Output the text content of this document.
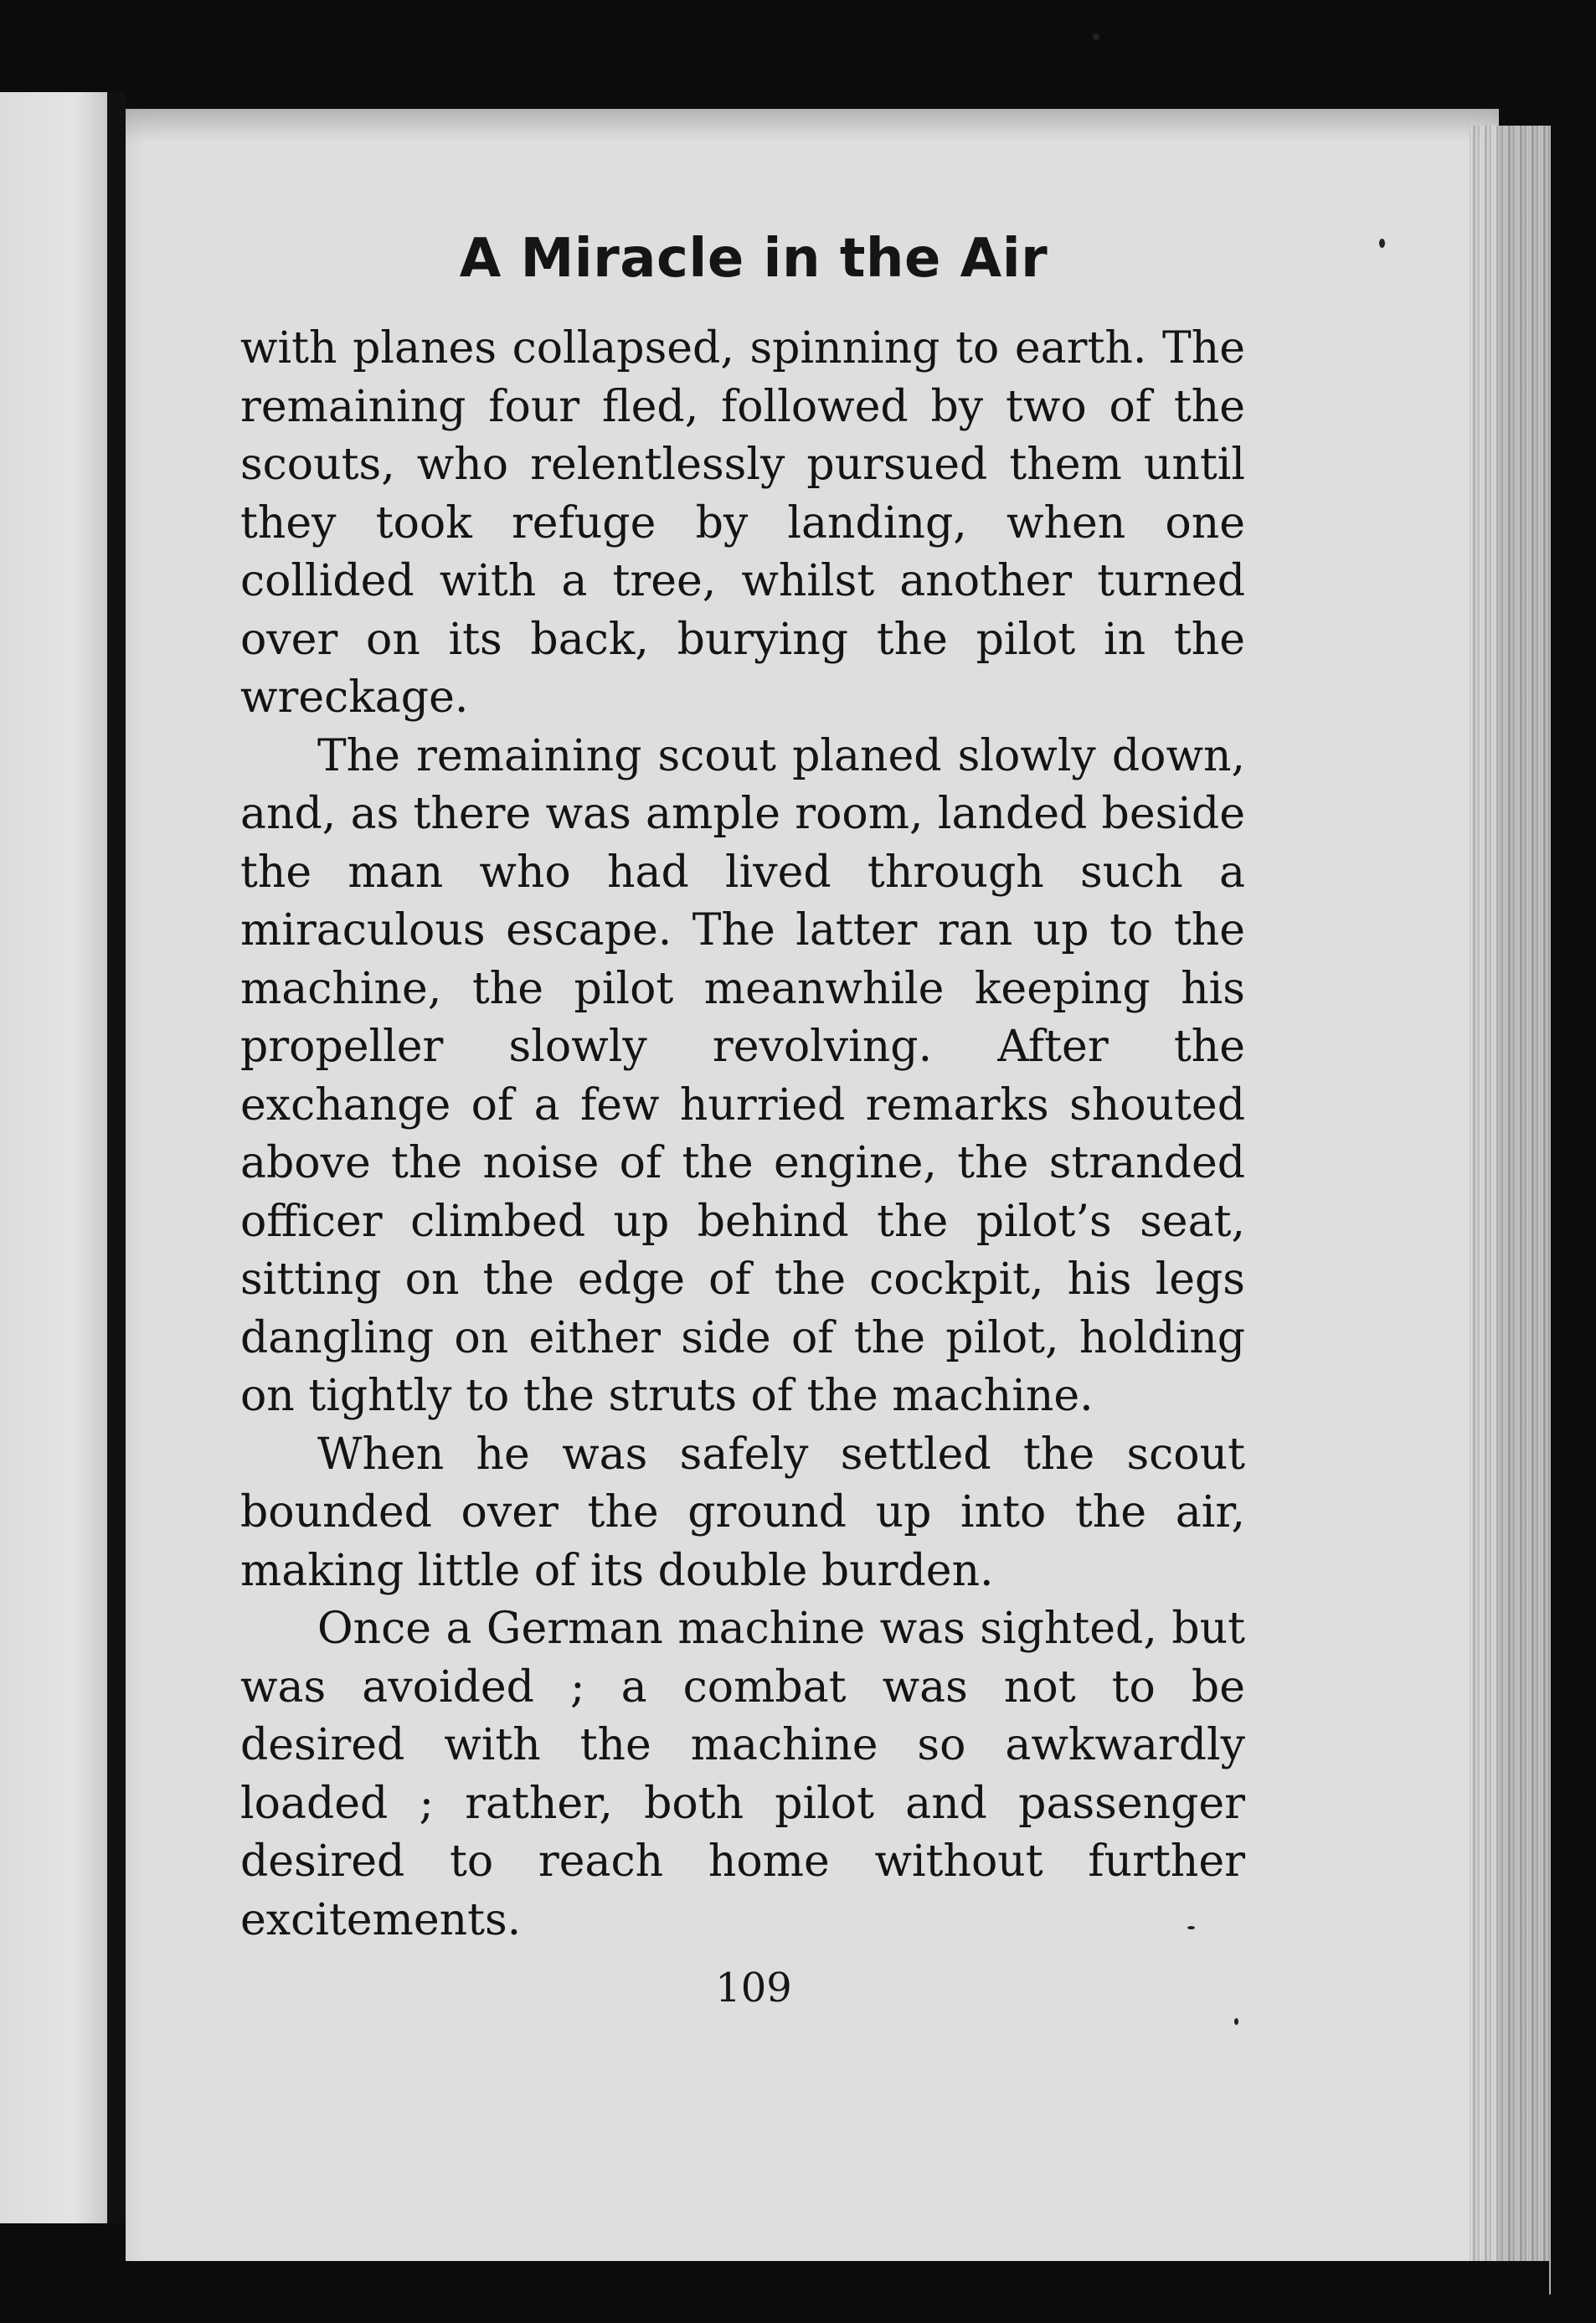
A Miracle in the Air

with planes collapsed, spinning to earth. The remaining four fled, followed by two of the scouts, who relentlessly pursued them until they took refuge by landing, when one collided with a tree, whilst another turned over on its back, burying the pilot in the wreckage.

The remaining scout planed slowly down, and, as there was ample room, landed beside the man who had lived through such a miraculous escape. The latter ran up to the machine, the pilot meanwhile keeping his propeller slowly revolving. After the exchange of a few hurried remarks shouted above the noise of the engine, the stranded officer climbed up behind the pilot’s seat, sitting on the edge of the cockpit, his legs dangling on either side of the pilot, holding on tightly to the struts of the machine.

When he was safely settled the scout bounded over the ground up into the air, making little of its double burden.

Once a German machine was sighted, but was avoided ; a combat was not to be desired with the machine so awkwardly loaded ; rather, both pilot and passenger desired to reach home without further excitements.

109
